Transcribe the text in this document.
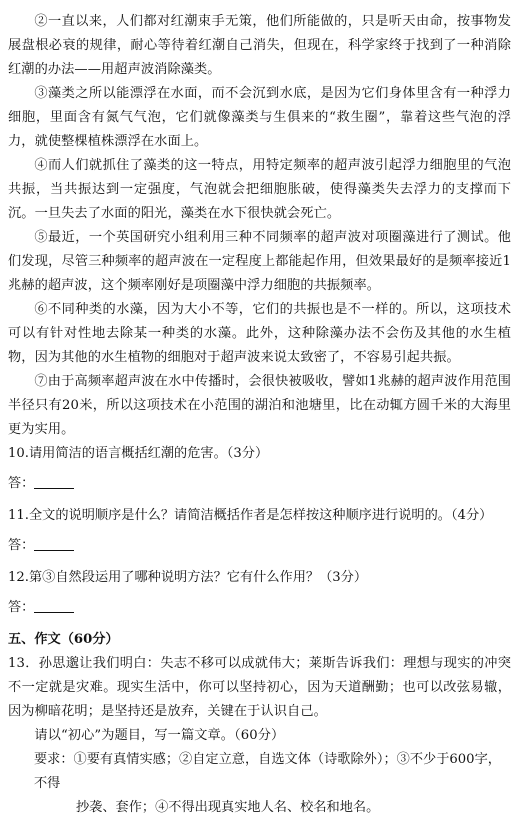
②一直以来，人们都对红潮束手无策，他们所能做的，只是听天由命，按事物发展盘根必衰的规律，耐心等待着红潮自己消失，但现在，科学家终于找到了一种消除红潮的办法——用超声波消除藻类。

③藻类之所以能漂浮在水面，而不会沉到水底，是因为它们身体里含有一种浮力细胞，里面含有氮气气泡，它们就像藻类与生俱来的“救生圈”，靠着这些气泡的浮力，就使整棵植株漂浮在水面上。

④而人们就抓住了藻类的这一特点，用特定频率的超声波引起浮力细胞里的气泡共振，当共振达到一定强度，气泡就会把细胞胀破，使得藻类失去浮力的支撑而下沉。一旦失去了水面的阳光，藻类在水下很快就会死亡。

⑤最近，一个英国研究小组利用三种不同频率的超声波对项圈藻进行了测试。他们发现，尽管三种频率的超声波在一定程度上都能起作用，但效果最好的是频率接近1兆赫的超声波，这个频率刚好是项圈藻中浮力细胞的共振频率。

⑥不同种类的水藻，因为大小不等，它们的共振也是不一样的。所以，这项技术可以有针对性地去除某一种类的水藻。此外，这种除藻办法不会伤及其他的水生植物，因为其他的水生植物的细胞对于超声波来说太致密了，不容易引起共振。

⑦由于高频率超声波在水中传播时，会很快被吸收，譬如1兆赫的超声波作用范围半径只有20米，所以这项技术在小范围的湖泊和池塘里，比在动辄方圆千米的大海里更为实用。

10.请用简洁的语言概括红潮的危害。（3分）

答：

11.全文的说明顺序是什么？请简洁概括作者是怎样按这种顺序进行说明的。（4分）

答：

12.第③自然段运用了哪种说明方法？它有什么作用？（3分）

答：

五、作文（60分）

13．孙思邈让我们明白：失志不移可以成就伟大；莱斯告诉我们：理想与现实的冲突不一定就是灾难。现实生活中，你可以坚持初心，因为天道酬勤；也可以改弦易辙，因为柳暗花明；是坚持还是放弃，关键在于认识自己。

请以“初心”为题目，写一篇文章。（60分）

要求：①要有真情实感；②自定立意，自选文体（诗歌除外）；③不少于600字，不得

抄袭、套作；④不得出现真实地人名、校名和地名。
